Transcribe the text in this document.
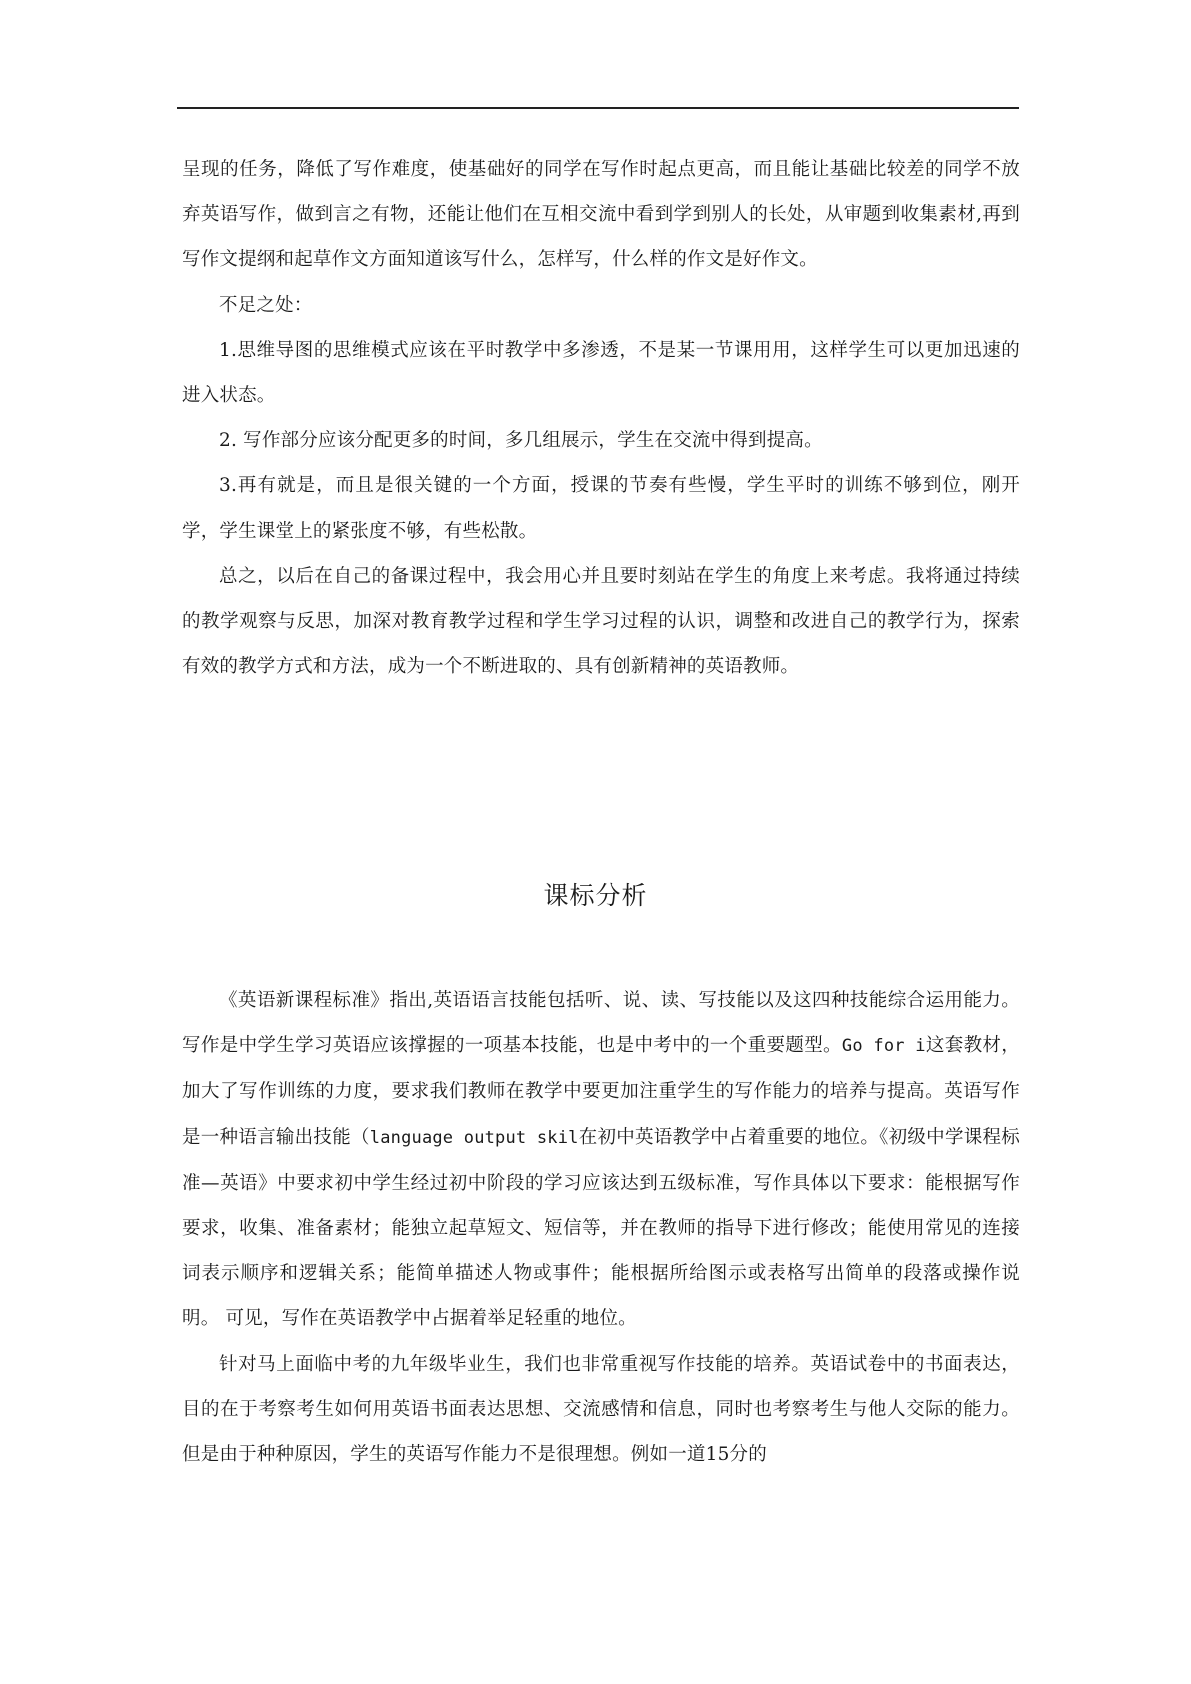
呈现的任务，降低了写作难度，使基础好的同学在写作时起点更高，而且能让基础比较差的同学不放弃英语写作，做到言之有物，还能让他们在互相交流中看到学到别人的长处，从审题到收集素材,再到写作文提纲和起草作文方面知道该写什么，怎样写，什么样的作文是好作文。

不足之处：

1.思维导图的思维模式应该在平时教学中多渗透，不是某一节课用用，这样学生可以更加迅速的进入状态。

2. 写作部分应该分配更多的时间，多几组展示，学生在交流中得到提高。

3.再有就是，而且是很关键的一个方面，授课的节奏有些慢，学生平时的训练不够到位，刚开学，学生课堂上的紧张度不够，有些松散。

总之，以后在自己的备课过程中，我会用心并且要时刻站在学生的角度上来考虑。我将通过持续的教学观察与反思，加深对教育教学过程和学生学习过程的认识，调整和改进自己的教学行为，探索有效的教学方式和方法，成为一个不断进取的、具有创新精神的英语教师。

课标分析

《英语新课程标准》指出,英语语言技能包括听、说、读、写技能以及这四种技能综合运用能力。写作是中学生学习英语应该撑握的一项基本技能，也是中考中的一个重要题型。Go for i这套教材，加大了写作训练的力度，要求我们教师在教学中要更加注重学生的写作能力的培养与提高。英语写作是一种语言输出技能（language output skil在初中英语教学中占着重要的地位。《初级中学课程标准—英语》中要求初中学生经过初中阶段的学习应该达到五级标准，写作具体以下要求：能根据写作要求，收集、准备素材；能独立起草短文、短信等，并在教师的指导下进行修改；能使用常见的连接词表示顺序和逻辑关系；能简单描述人物或事件；能根据所给图示或表格写出简单的段落或操作说明。 可见，写作在英语教学中占据着举足轻重的地位。

针对马上面临中考的九年级毕业生，我们也非常重视写作技能的培养。英语试卷中的书面表达，目的在于考察考生如何用英语书面表达思想、交流感情和信息，同时也考察考生与他人交际的能力。但是由于种种原因，学生的英语写作能力不是很理想。例如一道15分的
